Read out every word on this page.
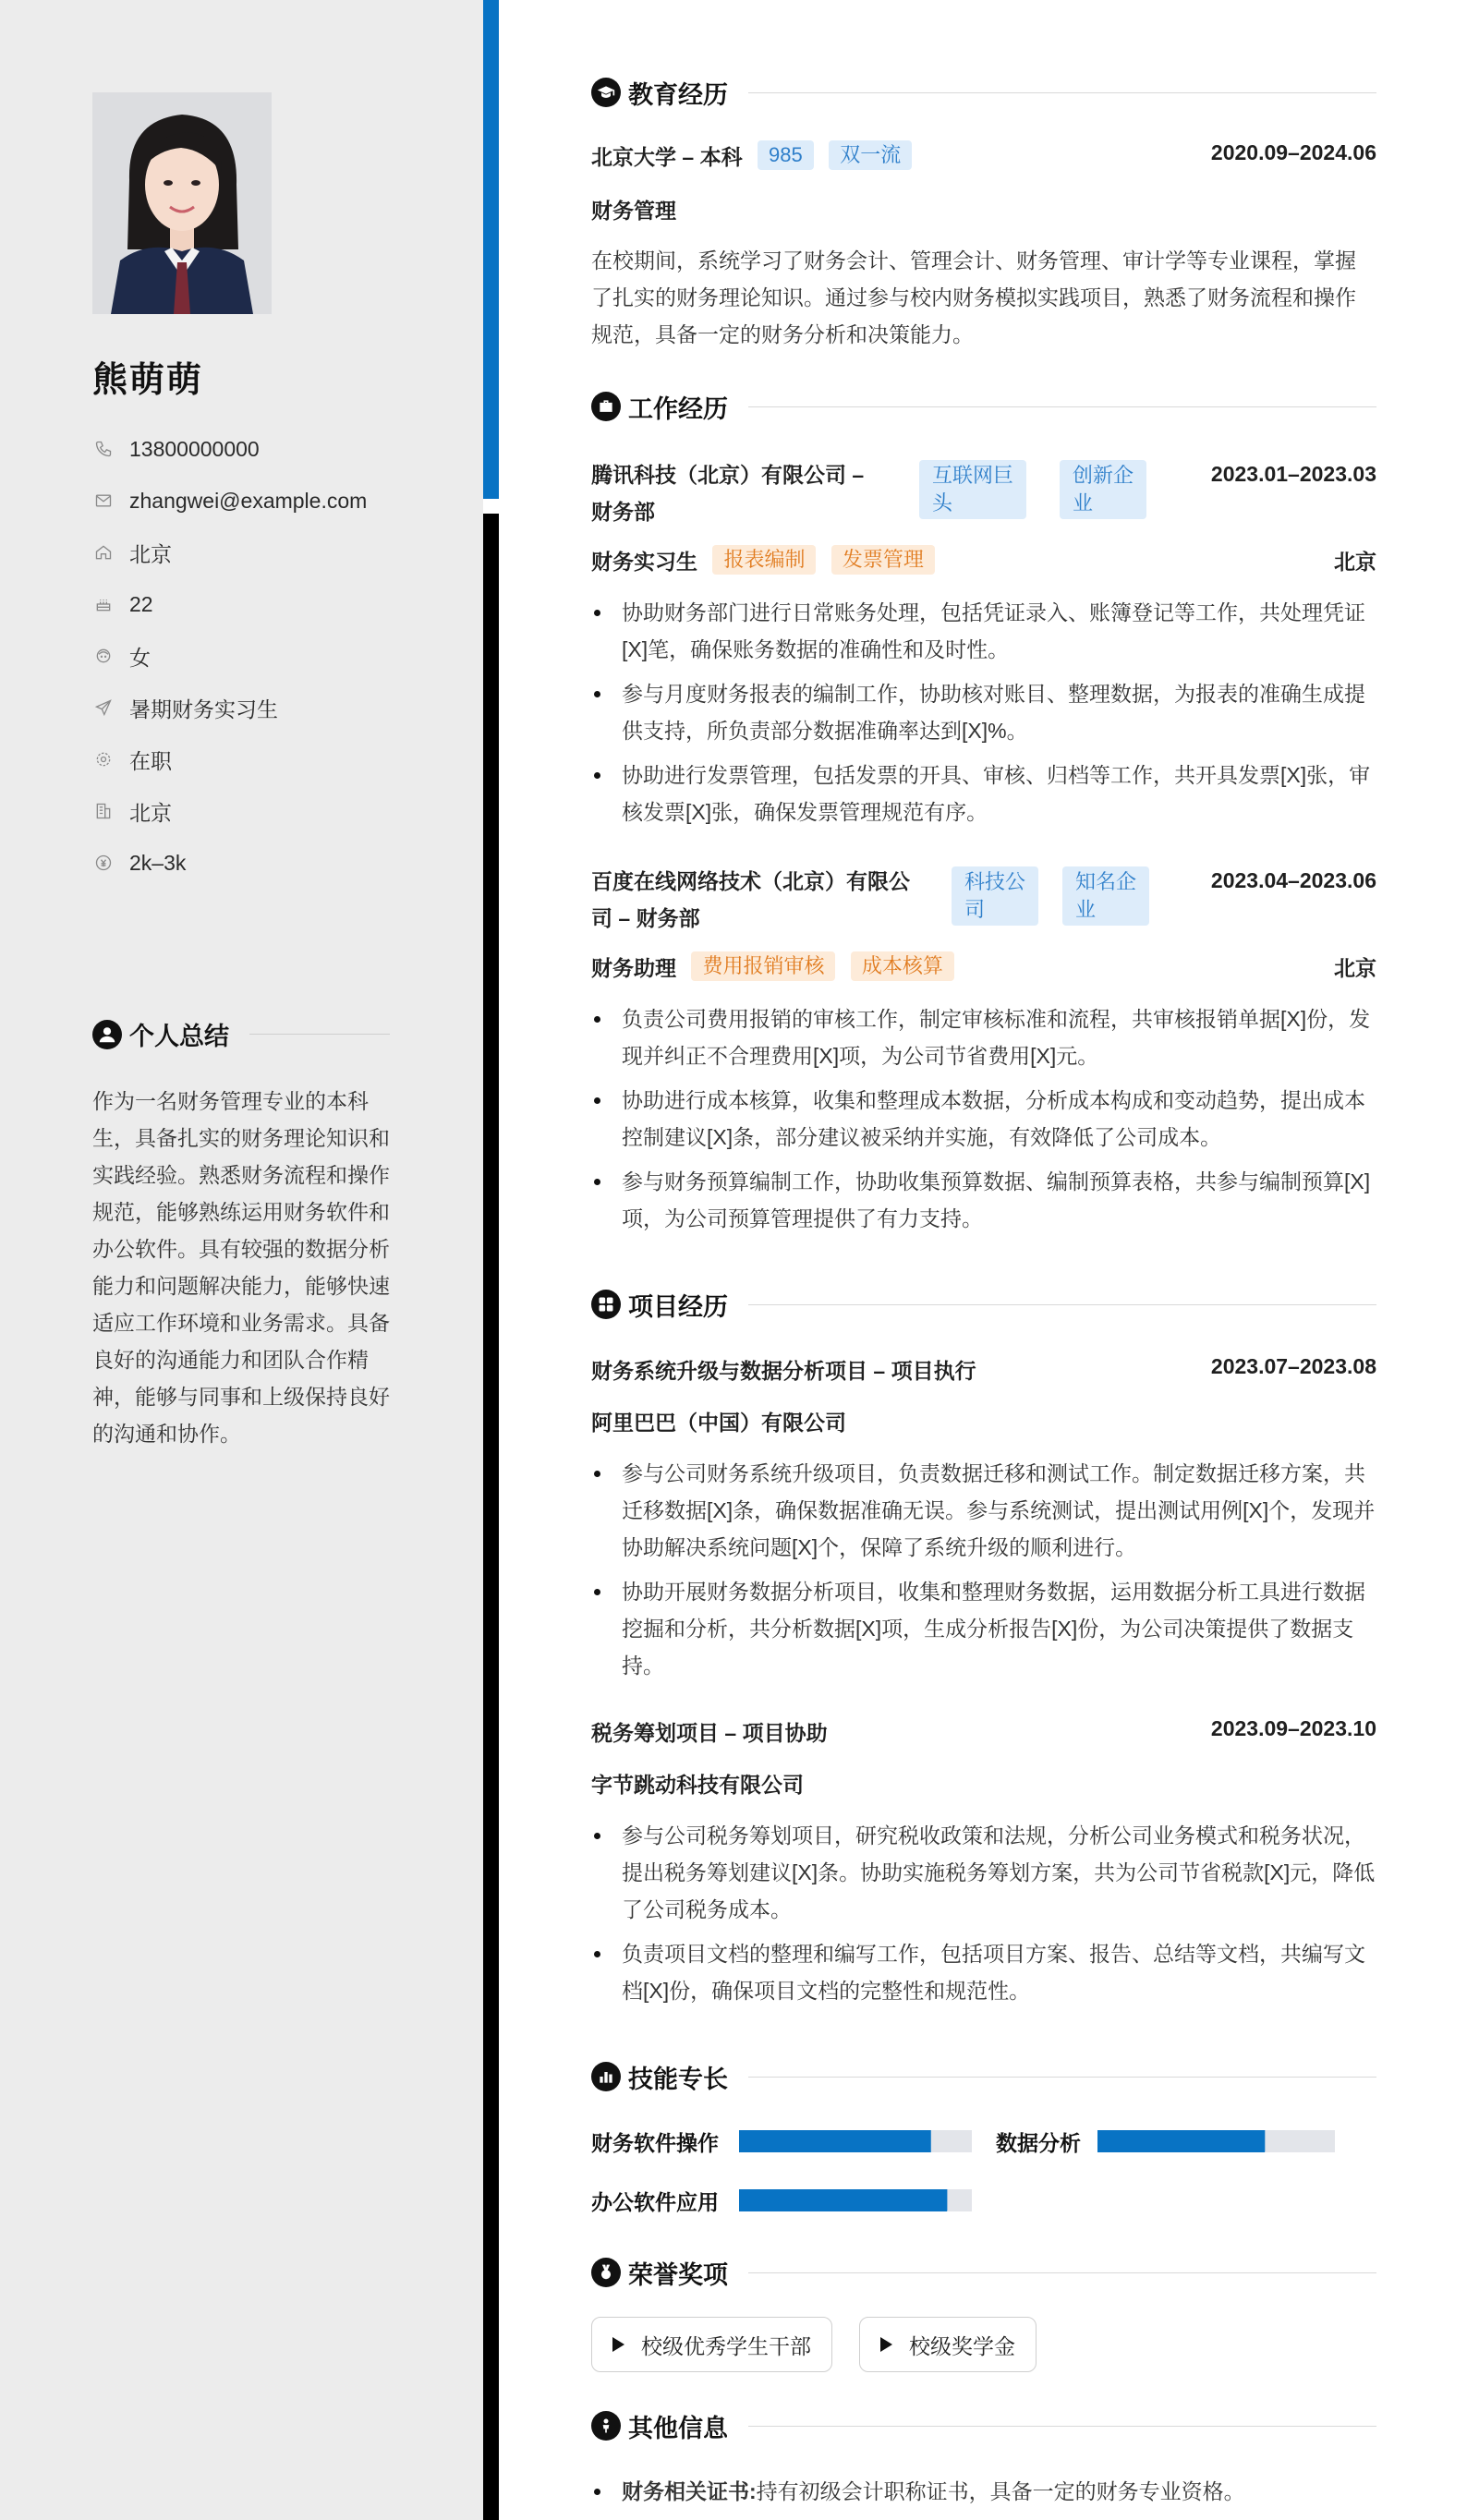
熊萌萌
13800000000
zhangwei@example.com
北京
22
女
暑期财务实习生
在职
北京
2k–3k
个人总结
作为一名财务管理专业的本科生，具备扎实的财务理论知识和实践经验。熟悉财务流程和操作规范，能够熟练运用财务软件和办公软件。具有较强的数据分析能力和问题解决能力，能够快速适应工作环境和业务需求。具备良好的沟通能力和团队合作精神，能够与同事和上级保持良好的沟通和协作。
教育经历
北京大学 – 本科 985 双一流	2020.09–2024.06
财务管理
在校期间，系统学习了财务会计、管理会计、财务管理、审计学等专业课程，掌握了扎实的财务理论知识。通过参与校内财务模拟实践项目，熟悉了财务流程和操作规范，具备一定的财务分析和决策能力。
工作经历
腾讯科技（北京）有限公司 –
财务部
互联网巨
头
创新企
业
2023.01–2023.03
财务实习生 报表编制 发票管理	北京
协助财务部门进行日常账务处理，包括凭证录入、账簿登记等工作，共处理凭证[X]笔，确保账务数据的准确性和及时性。
参与月度财务报表的编制工作，协助核对账目、整理数据，为报表的准确生成提供支持，所负责部分数据准确率达到[X]%。
协助进行发票管理，包括发票的开具、审核、归档等工作，共开具发票[X]张，审核发票[X]张，确保发票管理规范有序。
百度在线网络技术（北京）有限公
司 – 财务部
科技公
司
知名企
业
2023.04–2023.06
财务助理 费用报销审核 成本核算	北京
负责公司费用报销的审核工作，制定审核标准和流程，共审核报销单据[X]份，发现并纠正不合理费用[X]项，为公司节省费用[X]元。
协助进行成本核算，收集和整理成本数据，分析成本构成和变动趋势，提出成本控制建议[X]条，部分建议被采纳并实施，有效降低了公司成本。
参与财务预算编制工作，协助收集预算数据、编制预算表格，共参与编制预算[X]项，为公司预算管理提供了有力支持。
项目经历
财务系统升级与数据分析项目 – 项目执行	2023.07–2023.08
阿里巴巴（中国）有限公司
参与公司财务系统升级项目，负责数据迁移和测试工作。制定数据迁移方案，共迁移数据[X]条，确保数据准确无误。参与系统测试，提出测试用例[X]个，发现并协助解决系统问题[X]个，保障了系统升级的顺利进行。
协助开展财务数据分析项目，收集和整理财务数据，运用数据分析工具进行数据挖掘和分析，共分析数据[X]项，生成分析报告[X]份，为公司决策提供了数据支持。
税务筹划项目 – 项目协助	2023.09–2023.10
字节跳动科技有限公司
参与公司税务筹划项目，研究税收政策和法规，分析公司业务模式和税务状况，提出税务筹划建议[X]条。协助实施税务筹划方案，共为公司节省税款[X]元，降低了公司税务成本。
负责项目文档的整理和编写工作，包括项目方案、报告、总结等文档，共编写文档[X]份，确保项目文档的完整性和规范性。
技能专长
财务软件操作	数据分析
办公软件应用
荣誉奖项
校级优秀学生干部	校级奖学金
其他信息
财务相关证书:持有初级会计职称证书，具备一定的财务专业资格。
